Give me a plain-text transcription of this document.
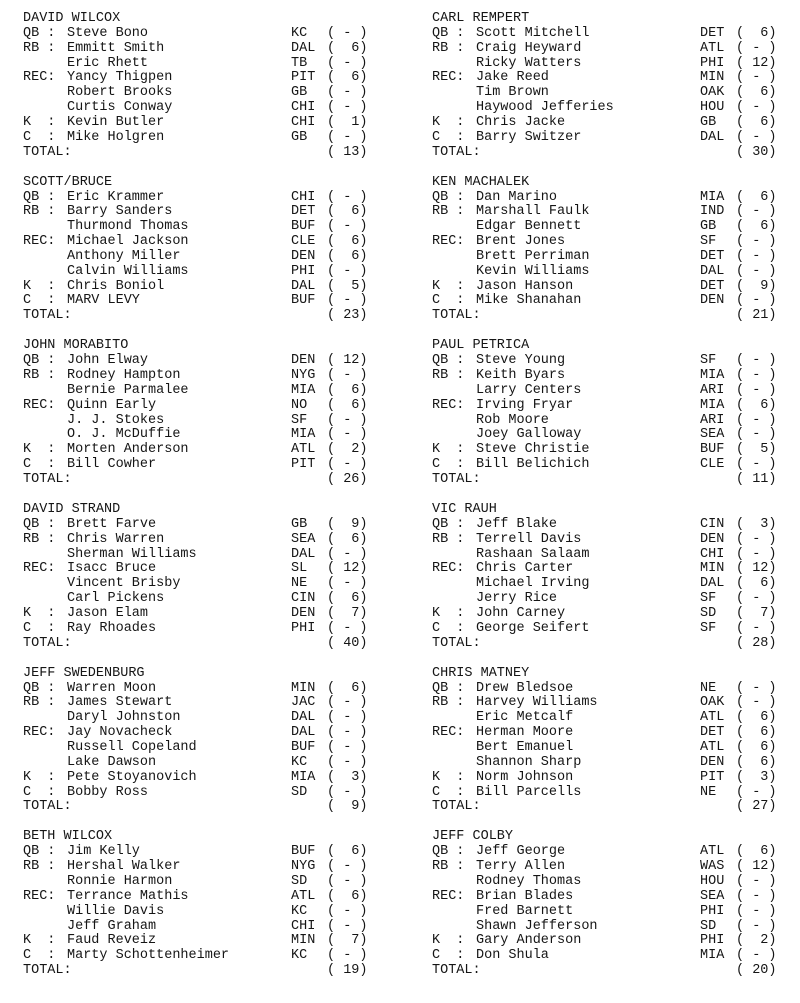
DAVID WILCOX
QB : Steve Bono	KC ( - )
RB : Emmitt Smith	DAL (  6)
Eric Rhett	TB ( - )
REC: Yancy Thigpen	PIT (  6)
Robert Brooks	GB ( - )
Curtis Conway	CHI ( - )
K  : Kevin Butler	CHI (  1)
C  : Mike Holgren	GB ( - )
TOTAL:	( 13)
SCOTT/BRUCE
QB : Eric Krammer	CHI ( - )
RB : Barry Sanders	DET (  6)
Thurmond Thomas	BUF ( - )
REC: Michael Jackson	CLE (  6)
Anthony Miller	DEN (  6)
Calvin Williams	PHI ( - )
K  : Chris Boniol	DAL (  5)
C  : MARV LEVY	BUF ( - )
TOTAL:	( 23)
JOHN MORABITO
QB : John Elway	DEN ( 12)
RB : Rodney Hampton	NYG ( - )
Bernie Parmalee	MIA (  6)
REC: Quinn Early	NO (  6)
J. J. Stokes	SF ( - )
O. J. McDuffie	MIA ( - )
K  : Morten Anderson	ATL (  2)
C  : Bill Cowher	PIT ( - )
TOTAL:	( 26)
DAVID STRAND
QB : Brett Farve	GB (  9)
RB : Chris Warren	SEA (  6)
Sherman Williams	DAL ( - )
REC: Isacc Bruce	SL ( 12)
Vincent Brisby	NE ( - )
Carl Pickens	CIN (  6)
K  : Jason Elam	DEN (  7)
C  : Ray Rhoades	PHI ( - )
TOTAL:	( 40)
JEFF SWEDENBURG
QB : Warren Moon	MIN (  6)
RB : James Stewart	JAC ( - )
Daryl Johnston	DAL ( - )
REC: Jay Novacheck	DAL ( - )
Russell Copeland	BUF ( - )
Lake Dawson	KC ( - )
K  : Pete Stoyanovich	MIA (  3)
C  : Bobby Ross	SD ( - )
TOTAL:	(  9)
BETH WILCOX
QB : Jim Kelly	BUF (  6)
RB : Hershal Walker	NYG ( - )
Ronnie Harmon	SD ( - )
REC: Terrance Mathis	ATL (  6)
Willie Davis	KC ( - )
Jeff Graham	CHI ( - )
K  : Faud Reveiz	MIN (  7)
C  : Marty Schottenheimer	KC ( - )
TOTAL:	( 19)
CARL REMPERT
QB : Scott Mitchell	DET (  6)
RB : Craig Heyward	ATL ( - )
Ricky Watters	PHI ( 12)
REC: Jake Reed	MIN ( - )
Tim Brown	OAK (  6)
Haywood Jefferies	HOU ( - )
K  : Chris Jacke	GB (  6)
C  : Barry Switzer	DAL ( - )
TOTAL:	( 30)
KEN MACHALEK
QB : Dan Marino	MIA (  6)
RB : Marshall Faulk	IND ( - )
Edgar Bennett	GB (  6)
REC: Brent Jones	SF ( - )
Brett Perriman	DET ( - )
Kevin Williams	DAL ( - )
K  : Jason Hanson	DET (  9)
C  : Mike Shanahan	DEN ( - )
TOTAL:	( 21)
PAUL PETRICA
QB : Steve Young	SF ( - )
RB : Keith Byars	MIA ( - )
Larry Centers	ARI ( - )
REC: Irving Fryar	MIA (  6)
Rob Moore	ARI ( - )
Joey Galloway	SEA ( - )
K  : Steve Christie	BUF (  5)
C  : Bill Belichich	CLE ( - )
TOTAL:	( 11)
VIC RAUH
QB : Jeff Blake	CIN (  3)
RB : Terrell Davis	DEN ( - )
Rashaan Salaam	CHI ( - )
REC: Chris Carter	MIN ( 12)
Michael Irving	DAL (  6)
Jerry Rice	SF ( - )
K  : John Carney	SD (  7)
C  : George Seifert	SF ( - )
TOTAL:	( 28)
CHRIS MATNEY
QB : Drew Bledsoe	NE ( - )
RB : Harvey Williams	OAK ( - )
Eric Metcalf	ATL (  6)
REC: Herman Moore	DET (  6)
Bert Emanuel	ATL (  6)
Shannon Sharp	DEN (  6)
K  : Norm Johnson	PIT (  3)
C  : Bill Parcells	NE ( - )
TOTAL:	( 27)
JEFF COLBY
QB : Jeff George	ATL (  6)
RB : Terry Allen	WAS ( 12)
Rodney Thomas	HOU ( - )
REC: Brian Blades	SEA ( - )
Fred Barnett	PHI ( - )
Shawn Jefferson	SD ( - )
K  : Gary Anderson	PHI (  2)
C  : Don Shula	MIA ( - )
TOTAL:	( 20)
